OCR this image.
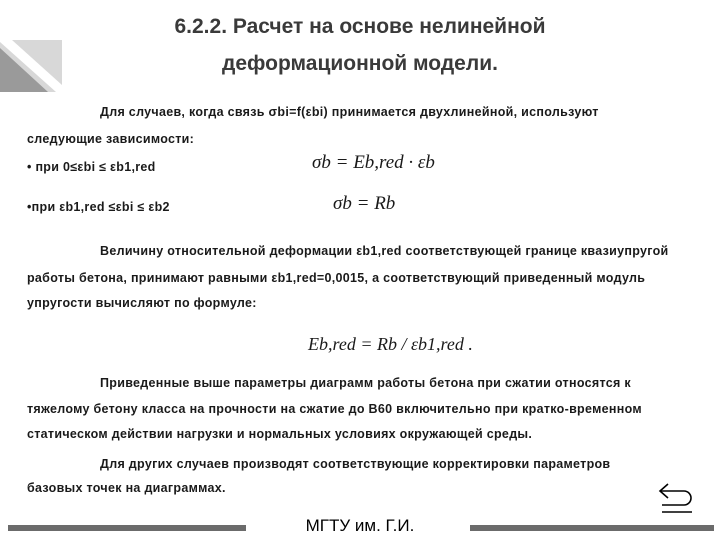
6.2.2. Расчет на основе нелинейной
деформационной модели.
Для случаев, когда связь σbi=f(εbi) принимается двухлинейной, используют
следующие зависимости:
• при 0≤εbi ≤ εb1,red
•при εb1,red ≤εbi ≤ εb2
σb = Eb,red · εb
σb = Rb
Величину относительной деформации εb1,red соответствующей границе квазиупругой
работы бетона, принимают равными εb1,red=0,0015, а соответствующий приведенный модуль
упругости вычисляют по формуле:
Eb,red = Rb / εb1,red .
Приведенные выше параметры диаграмм работы бетона при сжатии относятся к
тяжелому бетону класса на прочности на сжатие до В60 включительно при кратко-временном
статическом действии нагрузки и нормальных условиях окружающей среды.
Для других случаев производят соответствующие корректировки параметров
базовых точек на диаграммах.
МГТУ им. Г.И.
